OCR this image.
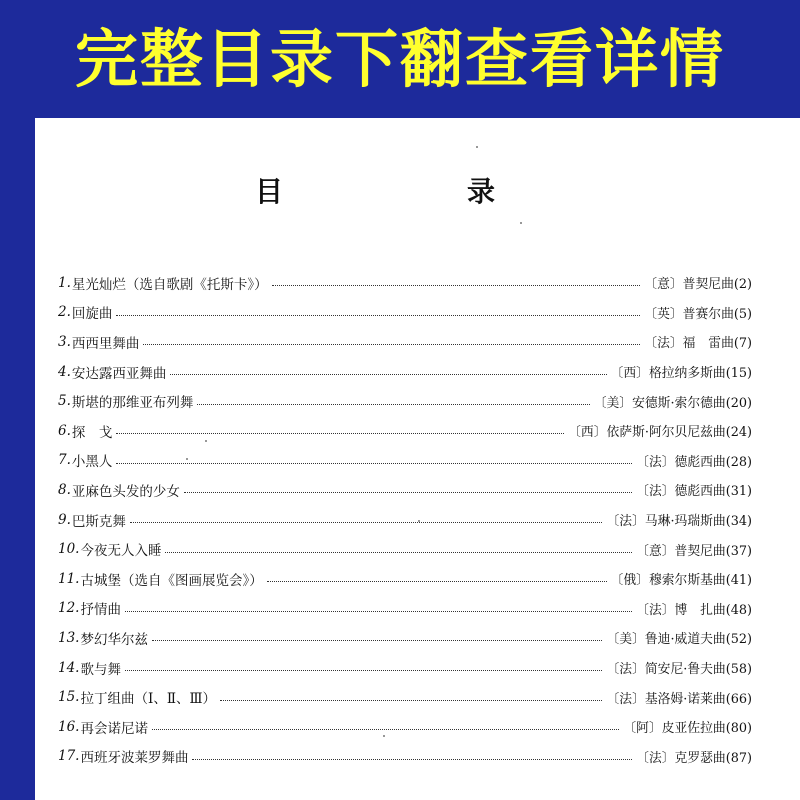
完整目录下翻查看详情
目　录
1. 星光灿烂（选自歌剧《托斯卡》）	〔意〕普契尼曲(2)
2. 回旋曲	〔英〕普赛尔曲(5)
3. 西西里舞曲	〔法〕福　雷曲(7)
4. 安达露西亚舞曲	〔西〕格拉纳多斯曲(15)
5. 斯堪的那维亚布列舞	〔美〕安德斯·索尔德曲(20)
6. 探　戈	〔西〕依萨斯·阿尔贝尼兹曲(24)
7. 小黑人	〔法〕德彪西曲(28)
8. 亚麻色头发的少女	〔法〕德彪西曲(31)
9. 巴斯克舞	〔法〕马琳·玛瑞斯曲(34)
10. 今夜无人入睡	〔意〕普契尼曲(37)
11. 古城堡（选自《图画展览会》）	〔俄〕穆索尔斯基曲(41)
12. 抒情曲	〔法〕博　扎曲(48)
13. 梦幻华尔兹	〔美〕鲁迪·威道夫曲(52)
14. 歌与舞	〔法〕简安尼·鲁夫曲(58)
15. 拉丁组曲（Ⅰ、Ⅱ、Ⅲ）	〔法〕基洛姆·诺莱曲(66)
16. 再会诺尼诺	〔阿〕皮亚佐拉曲(80)
17. 西班牙波莱罗舞曲	〔法〕克罗瑟曲(87)
